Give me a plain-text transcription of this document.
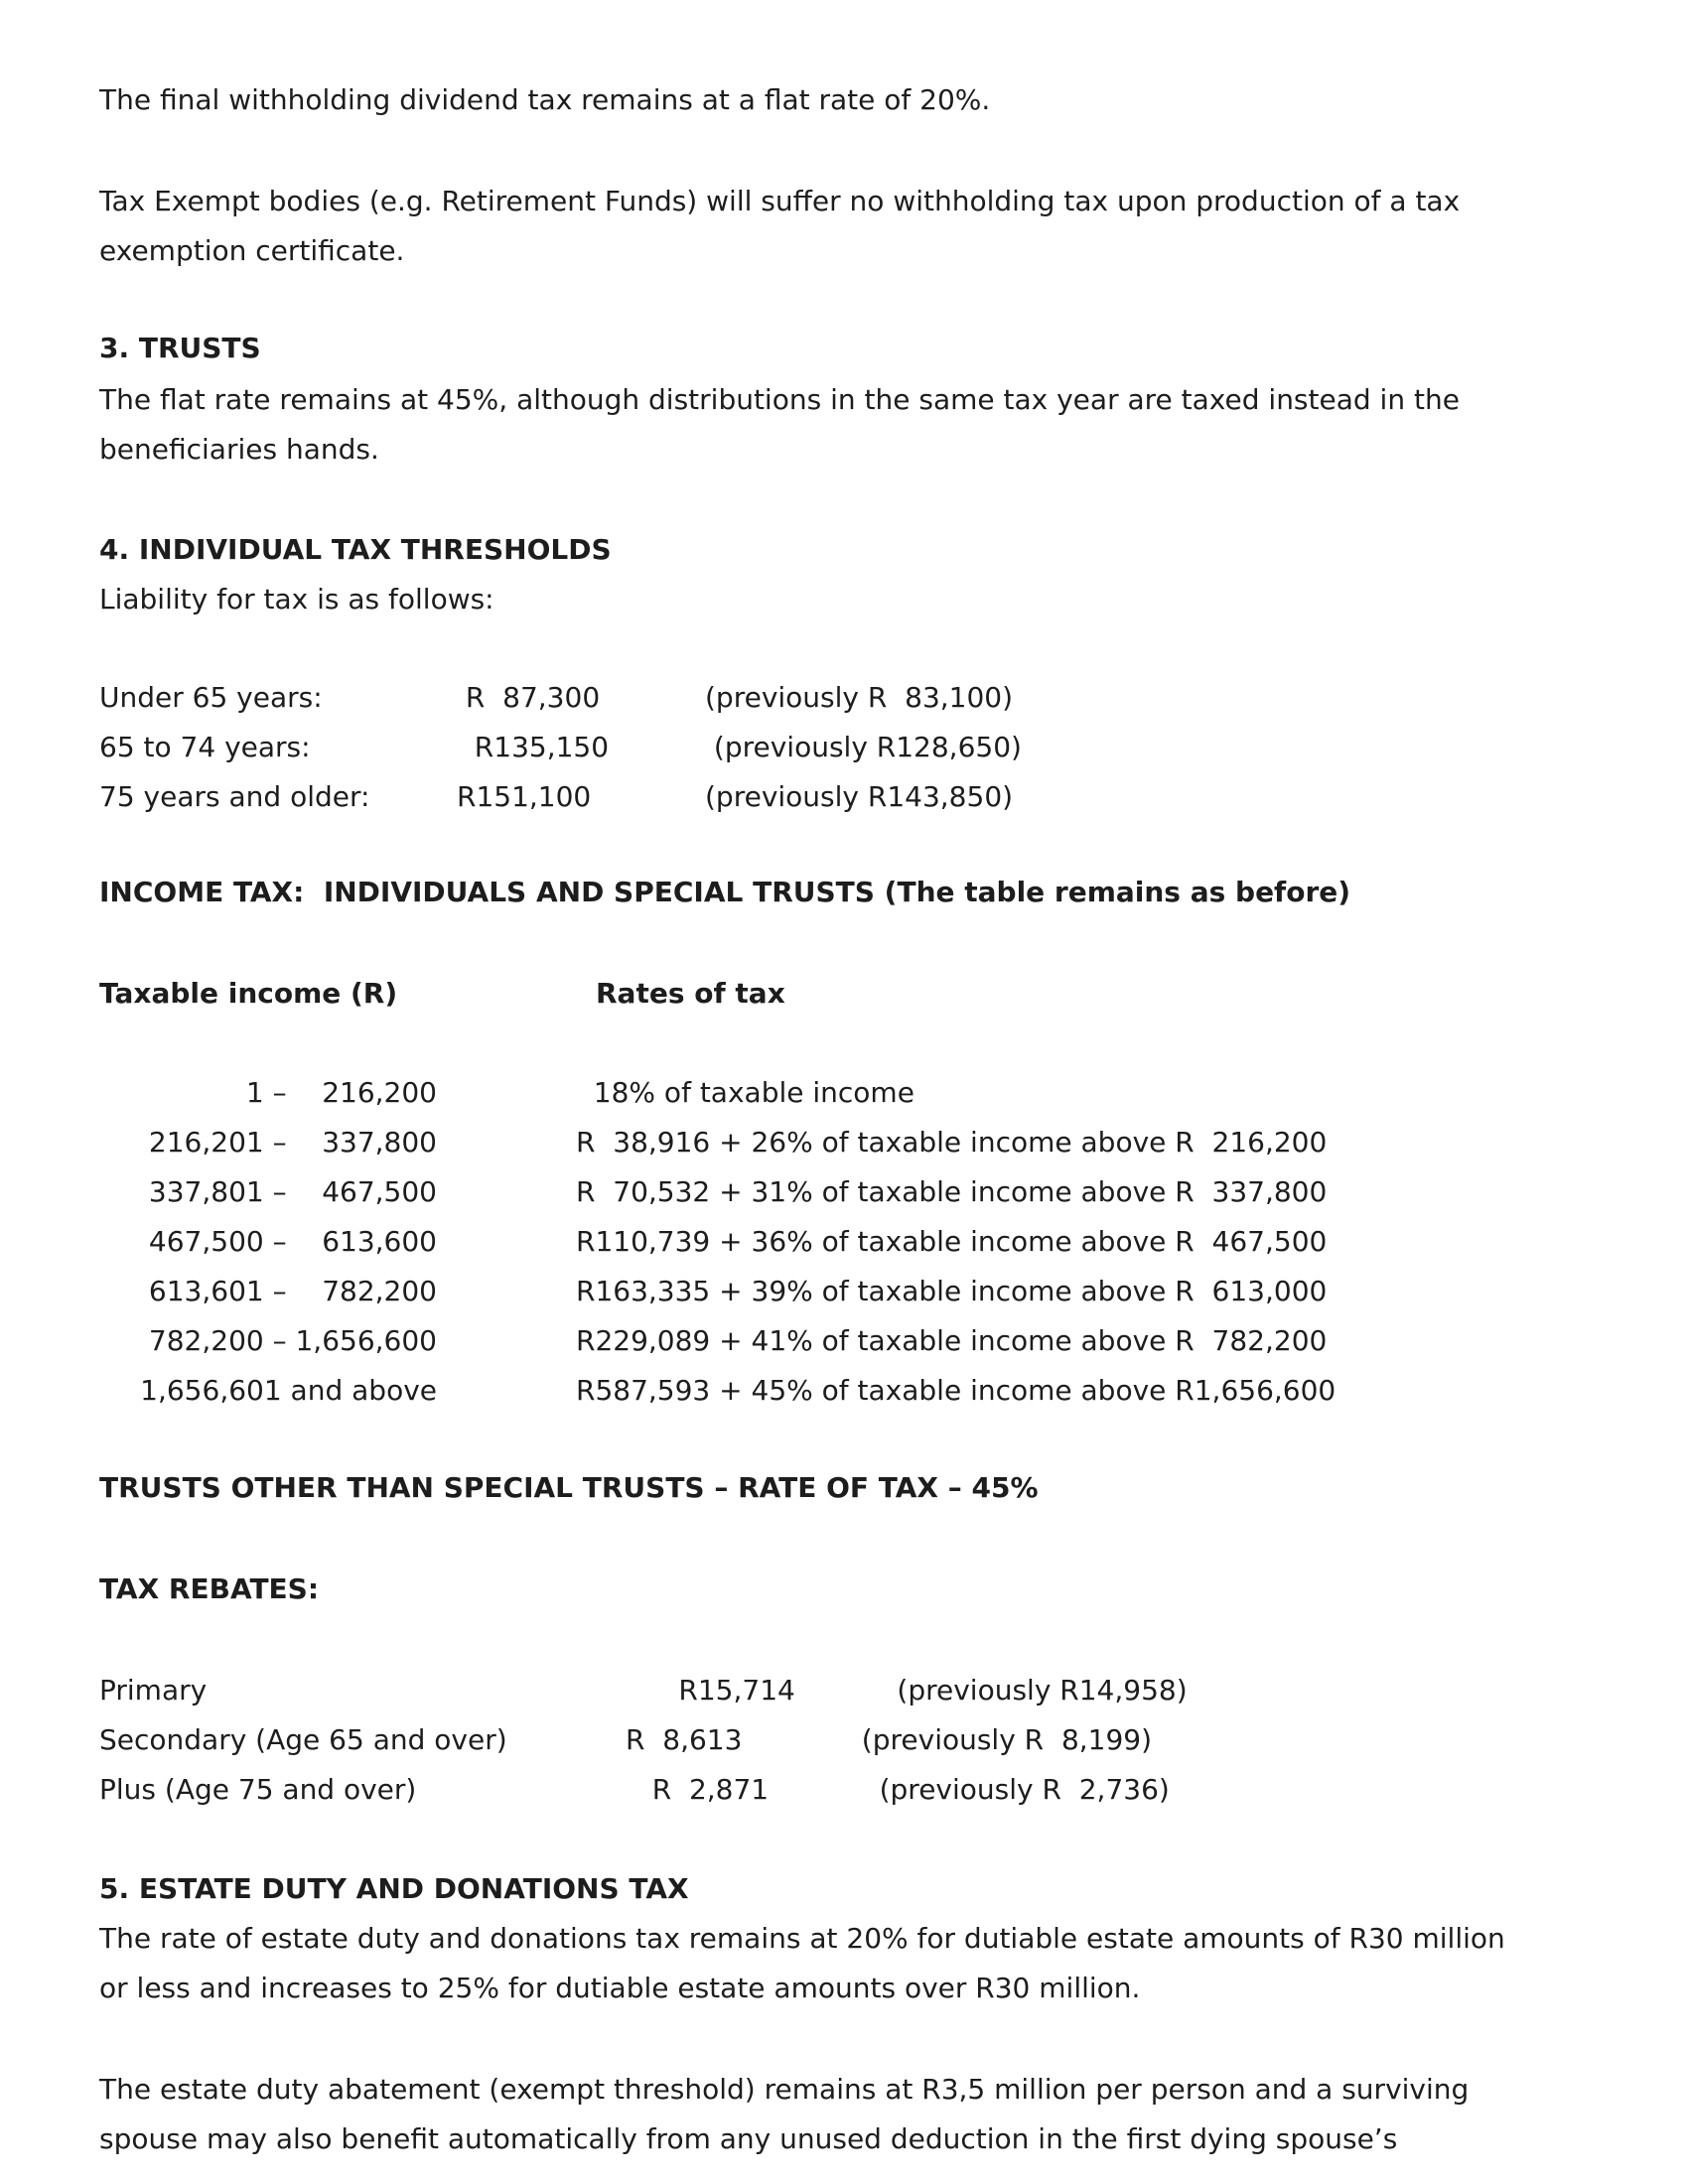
The final withholding dividend tax remains at a flat rate of 20%.
Tax Exempt bodies (e.g. Retirement Funds) will suffer no withholding tax upon production of a tax
exemption certificate.
3. TRUSTS
The flat rate remains at 45%, although distributions in the same tax year are taxed instead in the
beneficiaries hands.
4. INDIVIDUAL TAX THRESHOLDS
Liability for tax is as follows:
Under 65 years:	R  87,300	(previously R  83,100)
65 to 74 years:	R135,150	(previously R128,650)
75 years and older:	R151,100	(previously R143,850)
INCOME TAX:  INDIVIDUALS AND SPECIAL TRUSTS (The table remains as before)
Taxable income (R)	Rates of tax
1 –    216,200	18% of taxable income
216,201 –    337,800	R  38,916 + 26% of taxable income above R  216,200
337,801 –    467,500	R  70,532 + 31% of taxable income above R  337,800
467,500 –    613,600	R110,739 + 36% of taxable income above R  467,500
613,601 –    782,200	R163,335 + 39% of taxable income above R  613,000
782,200 – 1,656,600	R229,089 + 41% of taxable income above R  782,200
1,656,601 and above	R587,593 + 45% of taxable income above R1,656,600
TRUSTS OTHER THAN SPECIAL TRUSTS – RATE OF TAX – 45%
TAX REBATES:
Primary	R15,714	(previously R14,958)
Secondary (Age 65 and over)	R  8,613	(previously R  8,199)
Plus (Age 75 and over)	R  2,871	(previously R  2,736)
5. ESTATE DUTY AND DONATIONS TAX
The rate of estate duty and donations tax remains at 20% for dutiable estate amounts of R30 million
or less and increases to 25% for dutiable estate amounts over R30 million.
The estate duty abatement (exempt threshold) remains at R3,5 million per person and a surviving
spouse may also benefit automatically from any unused deduction in the first dying spouse’s
